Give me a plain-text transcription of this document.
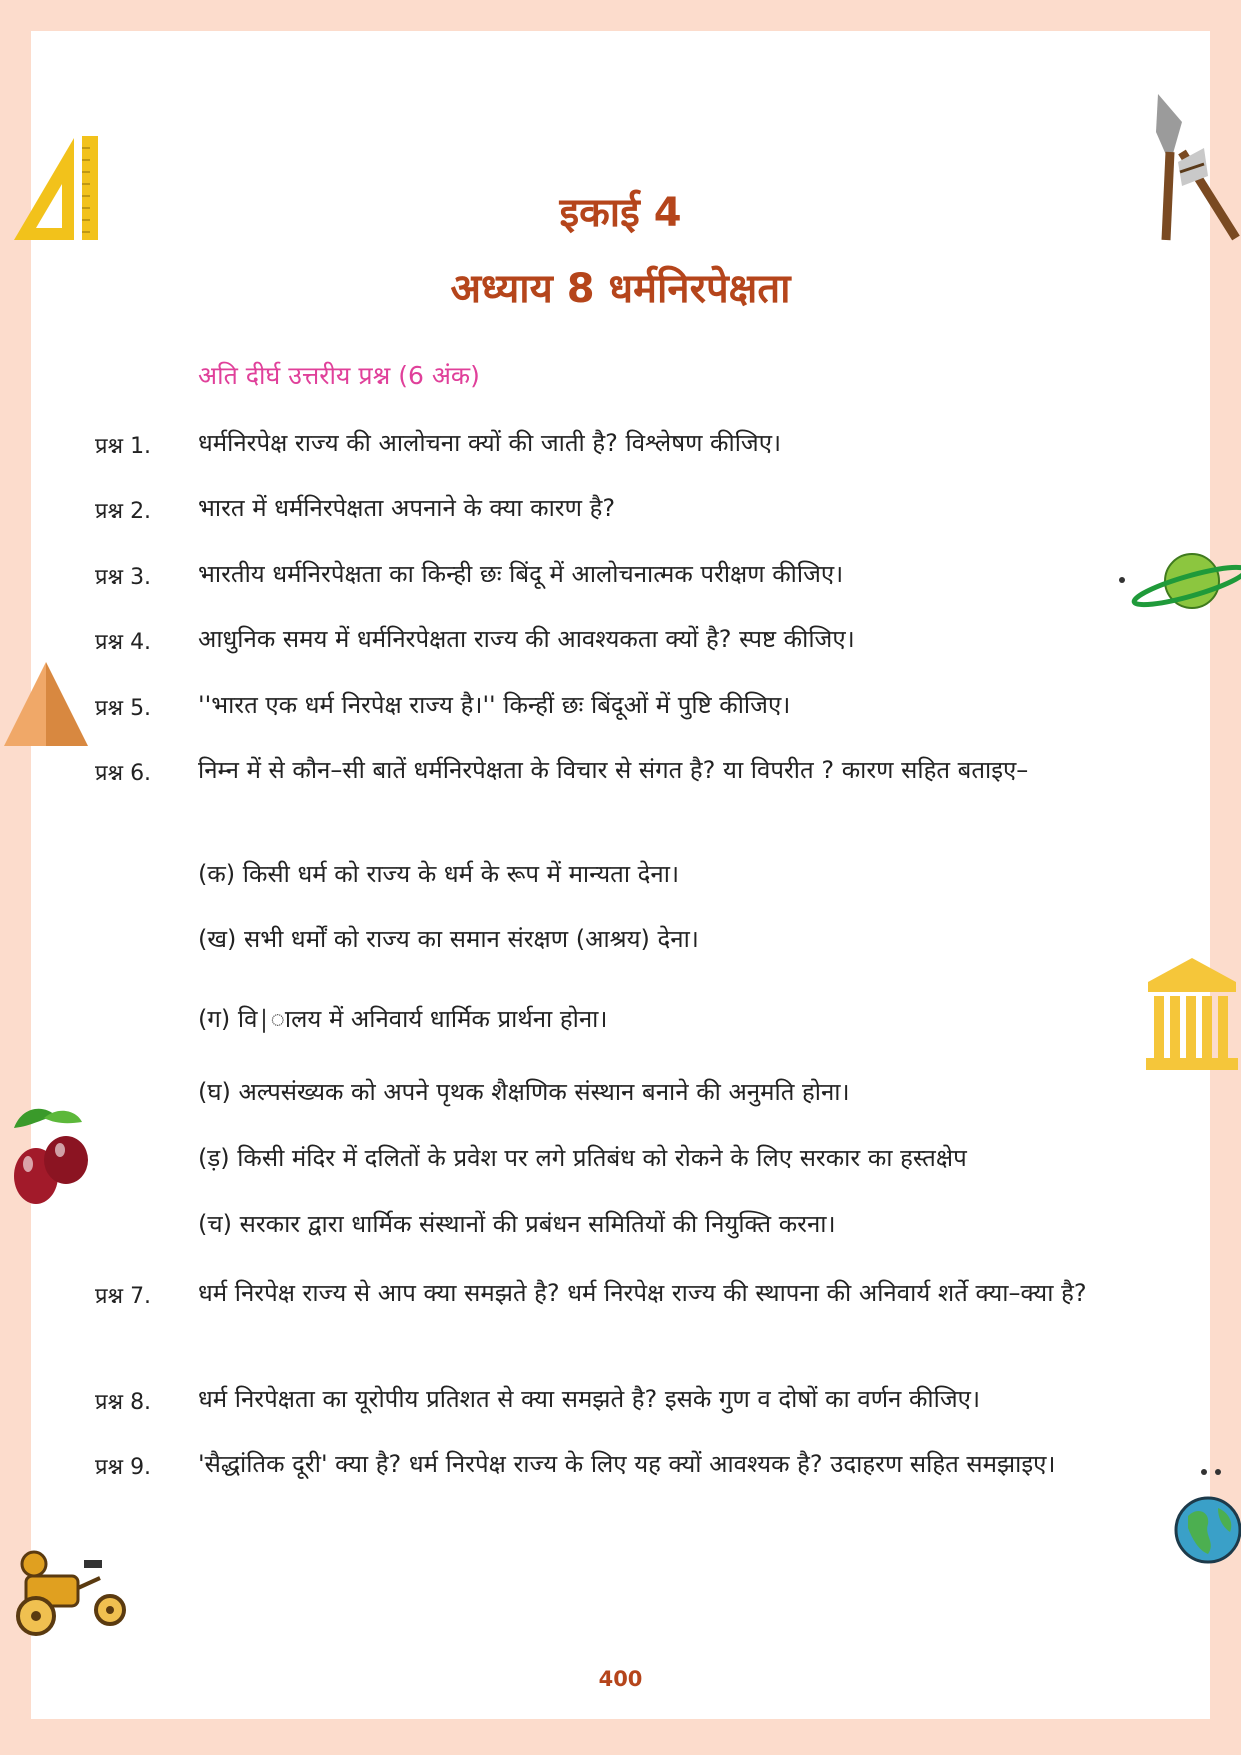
इकाई 4
अध्याय 8 धर्मनिरपेक्षता
अति दीर्घ उत्तरीय प्रश्न (6 अंक)
प्रश्न 1.	धर्मनिरपेक्ष राज्य की आलोचना क्यों की जाती है? विश्लेषण कीजिए।
प्रश्न 2.	भारत में धर्मनिरपेक्षता अपनाने के क्या कारण है?
प्रश्न 3.	भारतीय धर्मनिरपेक्षता का किन्ही छः बिंदू में आलोचनात्मक परीक्षण कीजिए।
प्रश्न 4.	आधुनिक समय में धर्मनिरपेक्षता राज्य की आवश्यकता क्यों है? स्पष्ट कीजिए।
प्रश्न 5.	''भारत एक धर्म निरपेक्ष राज्य है।'' किन्हीं छः बिंदूओं में पुष्टि कीजिए।
प्रश्न 6.	निम्न में से कौन–सी बातें धर्मनिरपेक्षता के विचार से संगत है? या विपरीत ? कारण सहित बताइए–
(क) किसी धर्म को राज्य के धर्म के रूप में मान्यता देना।
(ख) सभी धर्मों को राज्य का समान संरक्षण (आश्रय) देना।
(ग) वि|ालय में अनिवार्य धार्मिक प्रार्थना होना।
(घ) अल्पसंख्यक को अपने पृथक शैक्षणिक संस्थान बनाने की अनुमति होना।
(ड़) किसी मंदिर में दलितों के प्रवेश पर लगे प्रतिबंध को रोकने के लिए सरकार का हस्तक्षेप
(च) सरकार द्वारा धार्मिक संस्थानों की प्रबंधन समितियों की नियुक्ति करना।
प्रश्न 7.	धर्म निरपेक्ष राज्य से आप क्या समझते है? धर्म निरपेक्ष राज्य की स्थापना की अनिवार्य शर्ते क्या–क्या है?
प्रश्न 8.	धर्म निरपेक्षता का यूरोपीय प्रतिशत से क्या समझते है? इसके गुण व दोषों का वर्णन कीजिए।
प्रश्न 9.	'सैद्धांतिक दूरी' क्या है? धर्म निरपेक्ष राज्य के लिए यह क्यों आवश्यक है? उदाहरण सहित समझाइए।
400
